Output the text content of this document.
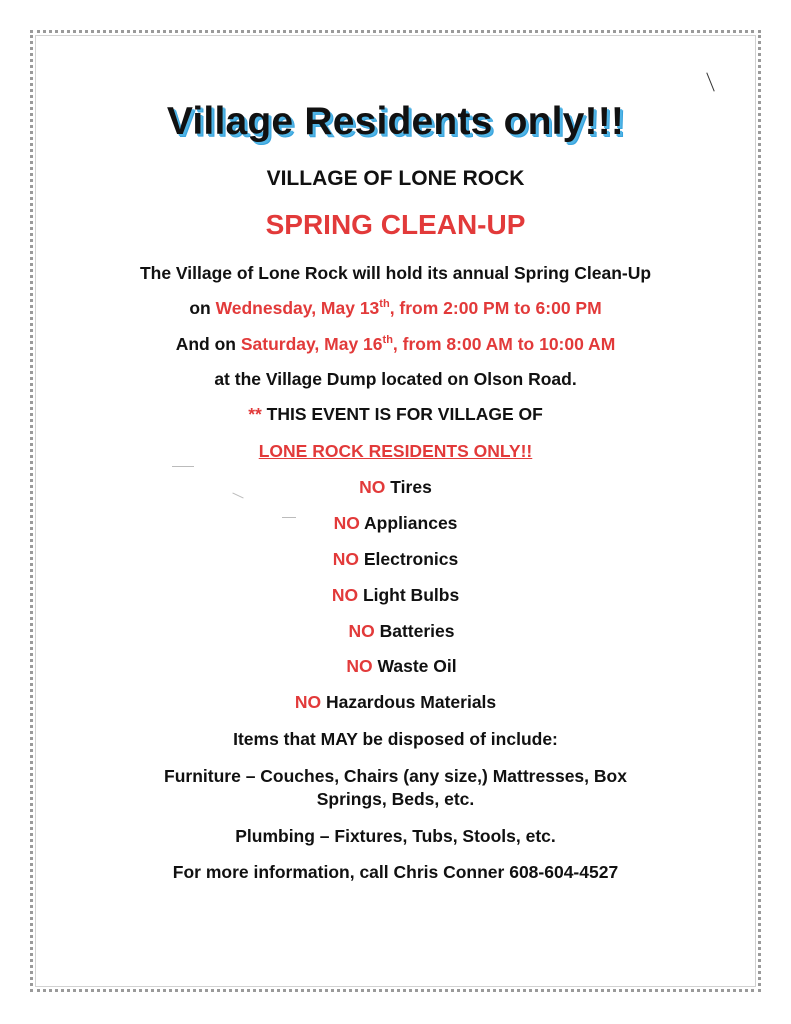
Village Residents only!!!
VILLAGE OF LONE ROCK
SPRING CLEAN-UP
The Village of Lone Rock will hold its annual Spring Clean-Up
on Wednesday, May 13th, from 2:00 PM to 6:00 PM
And on Saturday, May 16th, from 8:00 AM to 10:00 AM
at the Village Dump located on Olson Road.
** THIS EVENT IS FOR VILLAGE OF
LONE ROCK RESIDENTS ONLY!!
NO Tires
NO Appliances
NO Electronics
NO Light Bulbs
NO Batteries
NO Waste Oil
NO Hazardous Materials
Items that MAY be disposed of include:
Furniture – Couches, Chairs (any size,) Mattresses, Box
Springs, Beds, etc.
Plumbing – Fixtures, Tubs, Stools, etc.
For more information, call Chris Conner 608-604-4527
